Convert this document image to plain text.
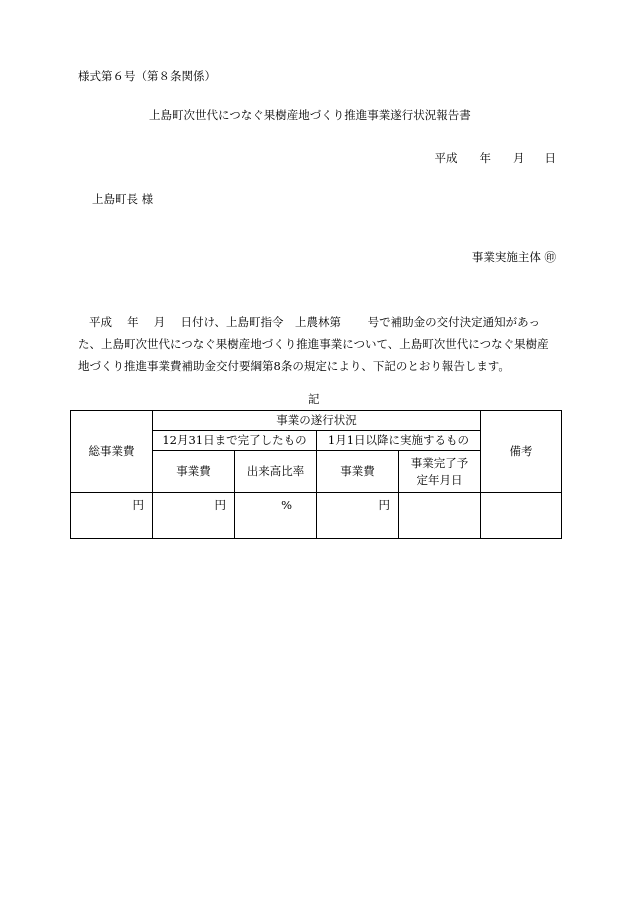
様式第６号（第８条関係）
上島町次世代につなぐ果樹産地づくり推進事業遂行状況報告書
平成 年 月 日
上島町長 様
事業実施主体 ㊞
平成　 年　 月　 日付け、上島町指令　上農林第　　 号で補助金の交付決定通知があった、上島町次世代につなぐ果樹産地づくり推進事業について、上島町次世代につなぐ果樹産地づくり推進事業費補助金交付要綱第8条の規定により、下記のとおり報告します。
記
総事業費	事業の遂行状況				備考
	12月31日まで完了したもの		1月1日以降に実施するもの		
	事業費	出来高比率	事業費	事業完了予定年月日	
円	円	%	円		
